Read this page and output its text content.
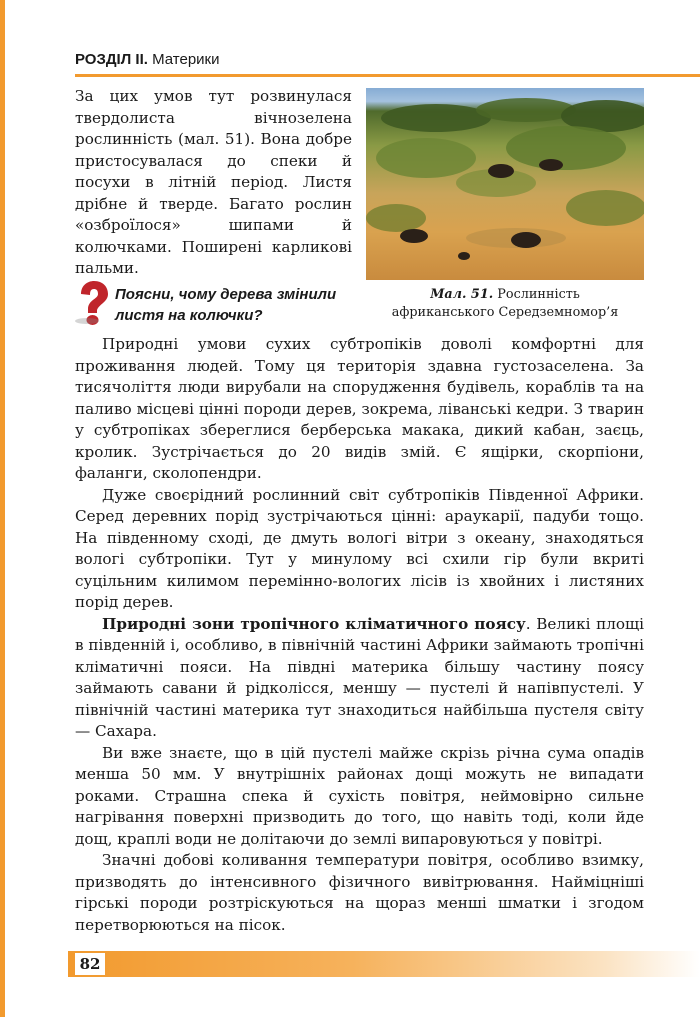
РОЗДІЛ ІІ. Материки

За цих умов тут розвинулася твердолиста вічнозелена рослинність (мал. 51). Вона добре пристосувалася до спеки й посухи в літній період. Листя дрібне й тверде. Багато рослин «озброїлося» шипами й колючками. Поширені карликові пальми.

Поясни, чому дерева змінили листя на колючки?
Мал. 51. Рослинність
африканського Середземномор’я

Природні умови сухих субтропіків доволі комфортні для проживання людей. Тому ця територія здавна густозаселена. За тисячоліття люди вирубали на спорудження будівель, кораблів та на паливо місцеві цінні породи дерев, зокрема, ліванські кедри. З тварин у субтропіках збереглися берберська макака, дикий кабан, заєць, кролик. Зустрічається до 20 видів змій. Є ящірки, скорпіони, фаланги, сколопендри.

Дуже своєрідний рослинний світ субтропіків Південної Африки. Серед деревних порід зустрічаються цінні: араукарії, падуби тощо. На південному сході, де дмуть вологі вітри з океану, знаходяться вологі субтропіки. Тут у минулому всі схили гір були вкриті суцільним килимом перемінно-вологих лісів із хвойних і листяних порід дерев.

Природні зони тропічного кліматичного поясу. Великі площі в південній і, особливо, в північній частині Африки займають тропічні кліматичні пояси. На півдні материка більшу частину поясу займають савани й рідколісся, меншу — пустелі й напівпустелі. У північній частині материка тут знаходиться найбільша пустеля світу — Сахара.

Ви вже знаєте, що в цій пустелі майже скрізь річна сума опадів менша 50 мм. У внутрішніх районах дощі можуть не випадати роками. Страшна спека й сухість повітря, неймовірно сильне нагрівання поверхні призводить до того, що навіть тоді, коли йде дощ, краплі води не долітаючи до землі випаровуються у повітрі.

Значні добові коливання температури повітря, особливо взимку, призводять до інтенсивного фізичного вивітрювання. Найміцніші гірські породи розтріскуються на щораз менші шматки і згодом перетворюються на пісок.

82
